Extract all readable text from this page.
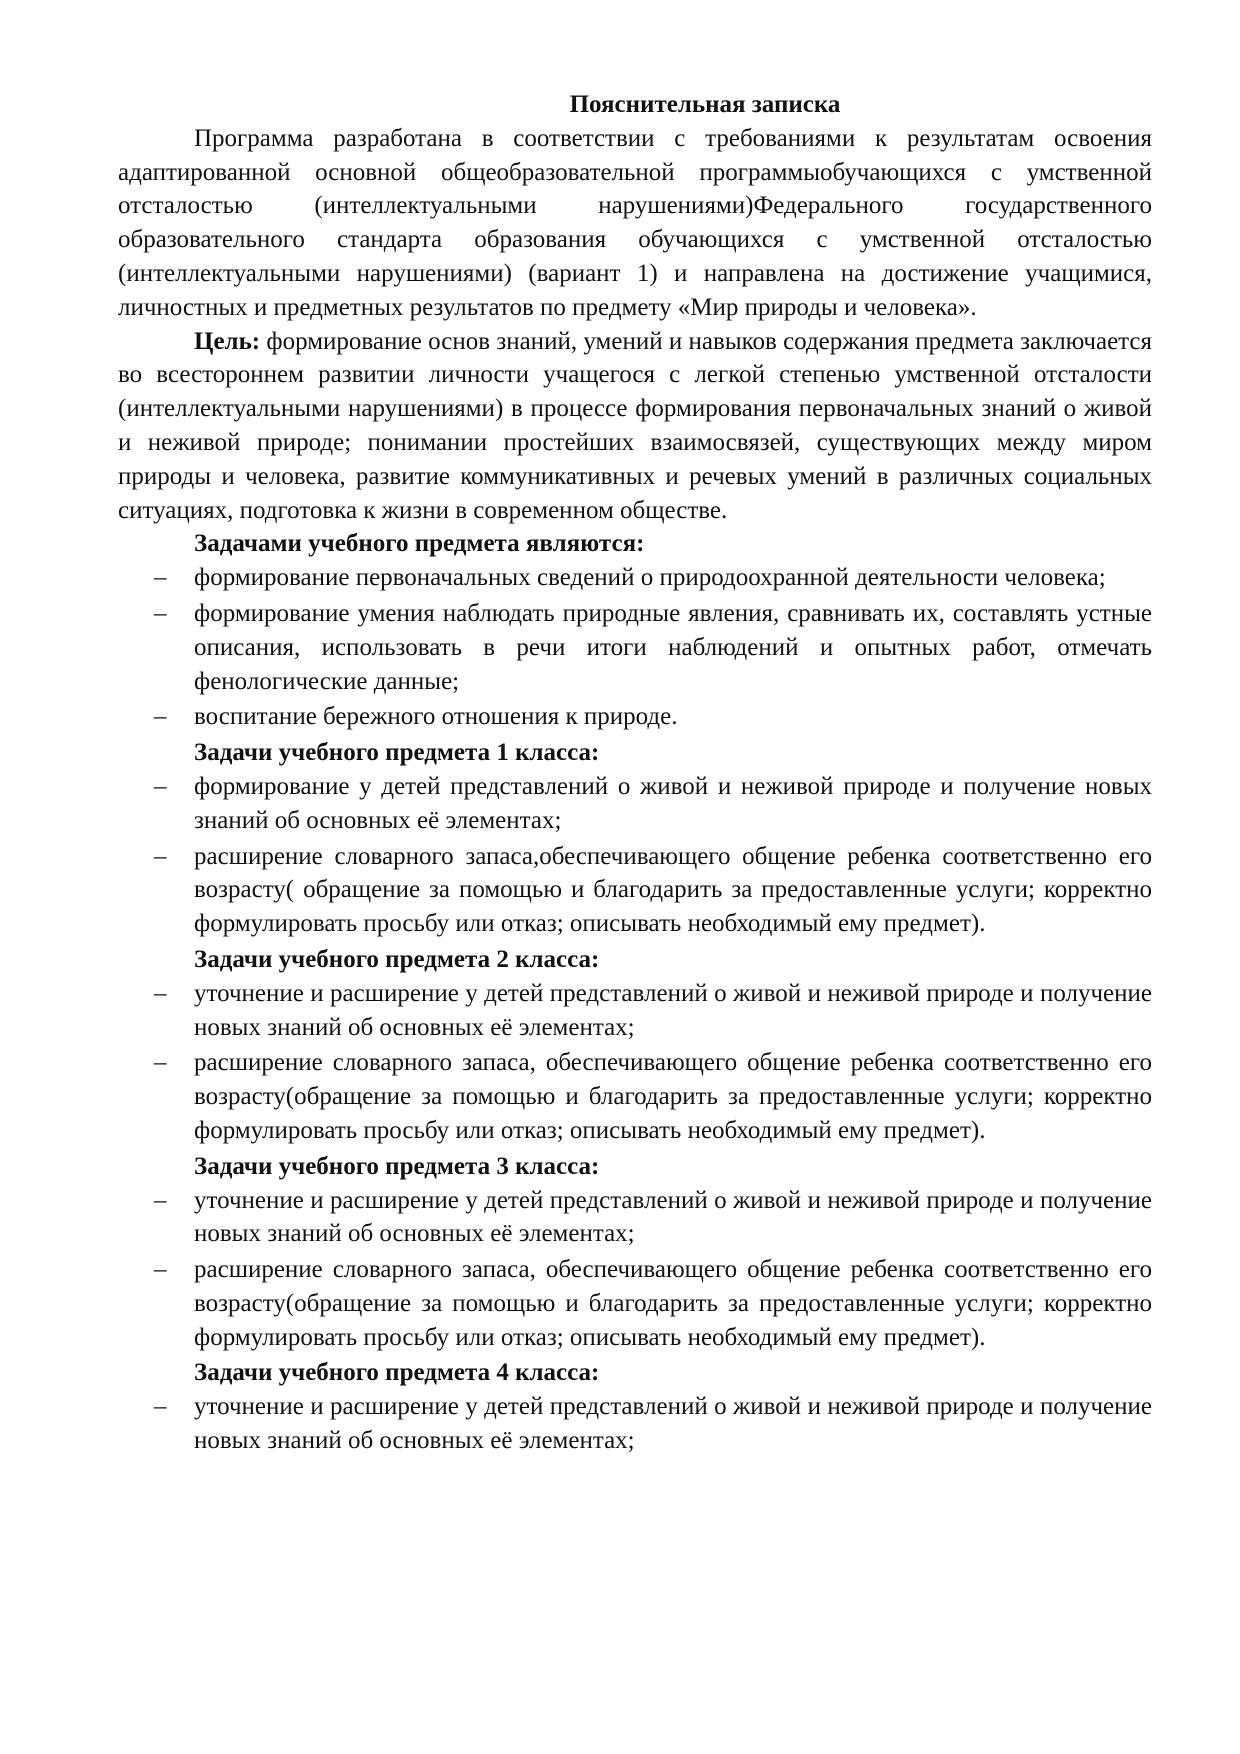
Пояснительная записка

Программа разработана в соответствии с требованиями к результатам освоения адаптированной основной общеобразовательной программыобучающихся с умственной отсталостью (интеллектуальными нарушениями)Федерального государственного образовательного стандарта образования обучающихся с умственной отсталостью (интеллектуальными нарушениями) (вариант 1) и направлена на достижение учащимися, личностных и предметных результатов по предмету «Мир природы и человека».

Цель: формирование основ знаний, умений и навыков содержания предмета заключается во всестороннем развитии личности учащегося с легкой степенью умственной отсталости (интеллектуальными нарушениями) в процессе формирования первоначальных знаний о живой и неживой природе; понимании простейших взаимосвязей, существующих между миром природы и человека, развитие коммуникативных и речевых умений в различных социальных ситуациях, подготовка к жизни в современном обществе.

Задачами учебного предмета являются:

– формирование первоначальных сведений о природоохранной деятельности человека;
– формирование умения наблюдать природные явления, сравнивать их, составлять устные описания, использовать в речи итоги наблюдений и опытных работ, отмечать фенологические данные;
– воспитание бережного отношения к природе.

Задачи учебного предмета 1 класса:

– формирование у детей представлений о живой и неживой природе и получение новых знаний об основных её элементах;
– расширение словарного запаса,обеспечивающего общение ребенка соответственно его возрасту( обращение за помощью и благодарить за предоставленные услуги; корректно формулировать просьбу или отказ; описывать необходимый ему предмет).

Задачи учебного предмета 2 класса:

– уточнение и расширение у детей представлений о живой и неживой природе и получение новых знаний об основных её элементах;
– расширение словарного запаса, обеспечивающего общение ребенка соответственно его возрасту(обращение за помощью и благодарить за предоставленные услуги; корректно формулировать просьбу или отказ; описывать необходимый ему предмет).

Задачи учебного предмета 3 класса:

– уточнение и расширение у детей представлений о живой и неживой природе и получение новых знаний об основных её элементах;
– расширение словарного запаса, обеспечивающего общение ребенка соответственно его возрасту(обращение за помощью и благодарить за предоставленные услуги; корректно формулировать просьбу или отказ; описывать необходимый ему предмет).

Задачи учебного предмета 4 класса:

– уточнение и расширение у детей представлений о живой и неживой природе и получение новых знаний об основных её элементах;
